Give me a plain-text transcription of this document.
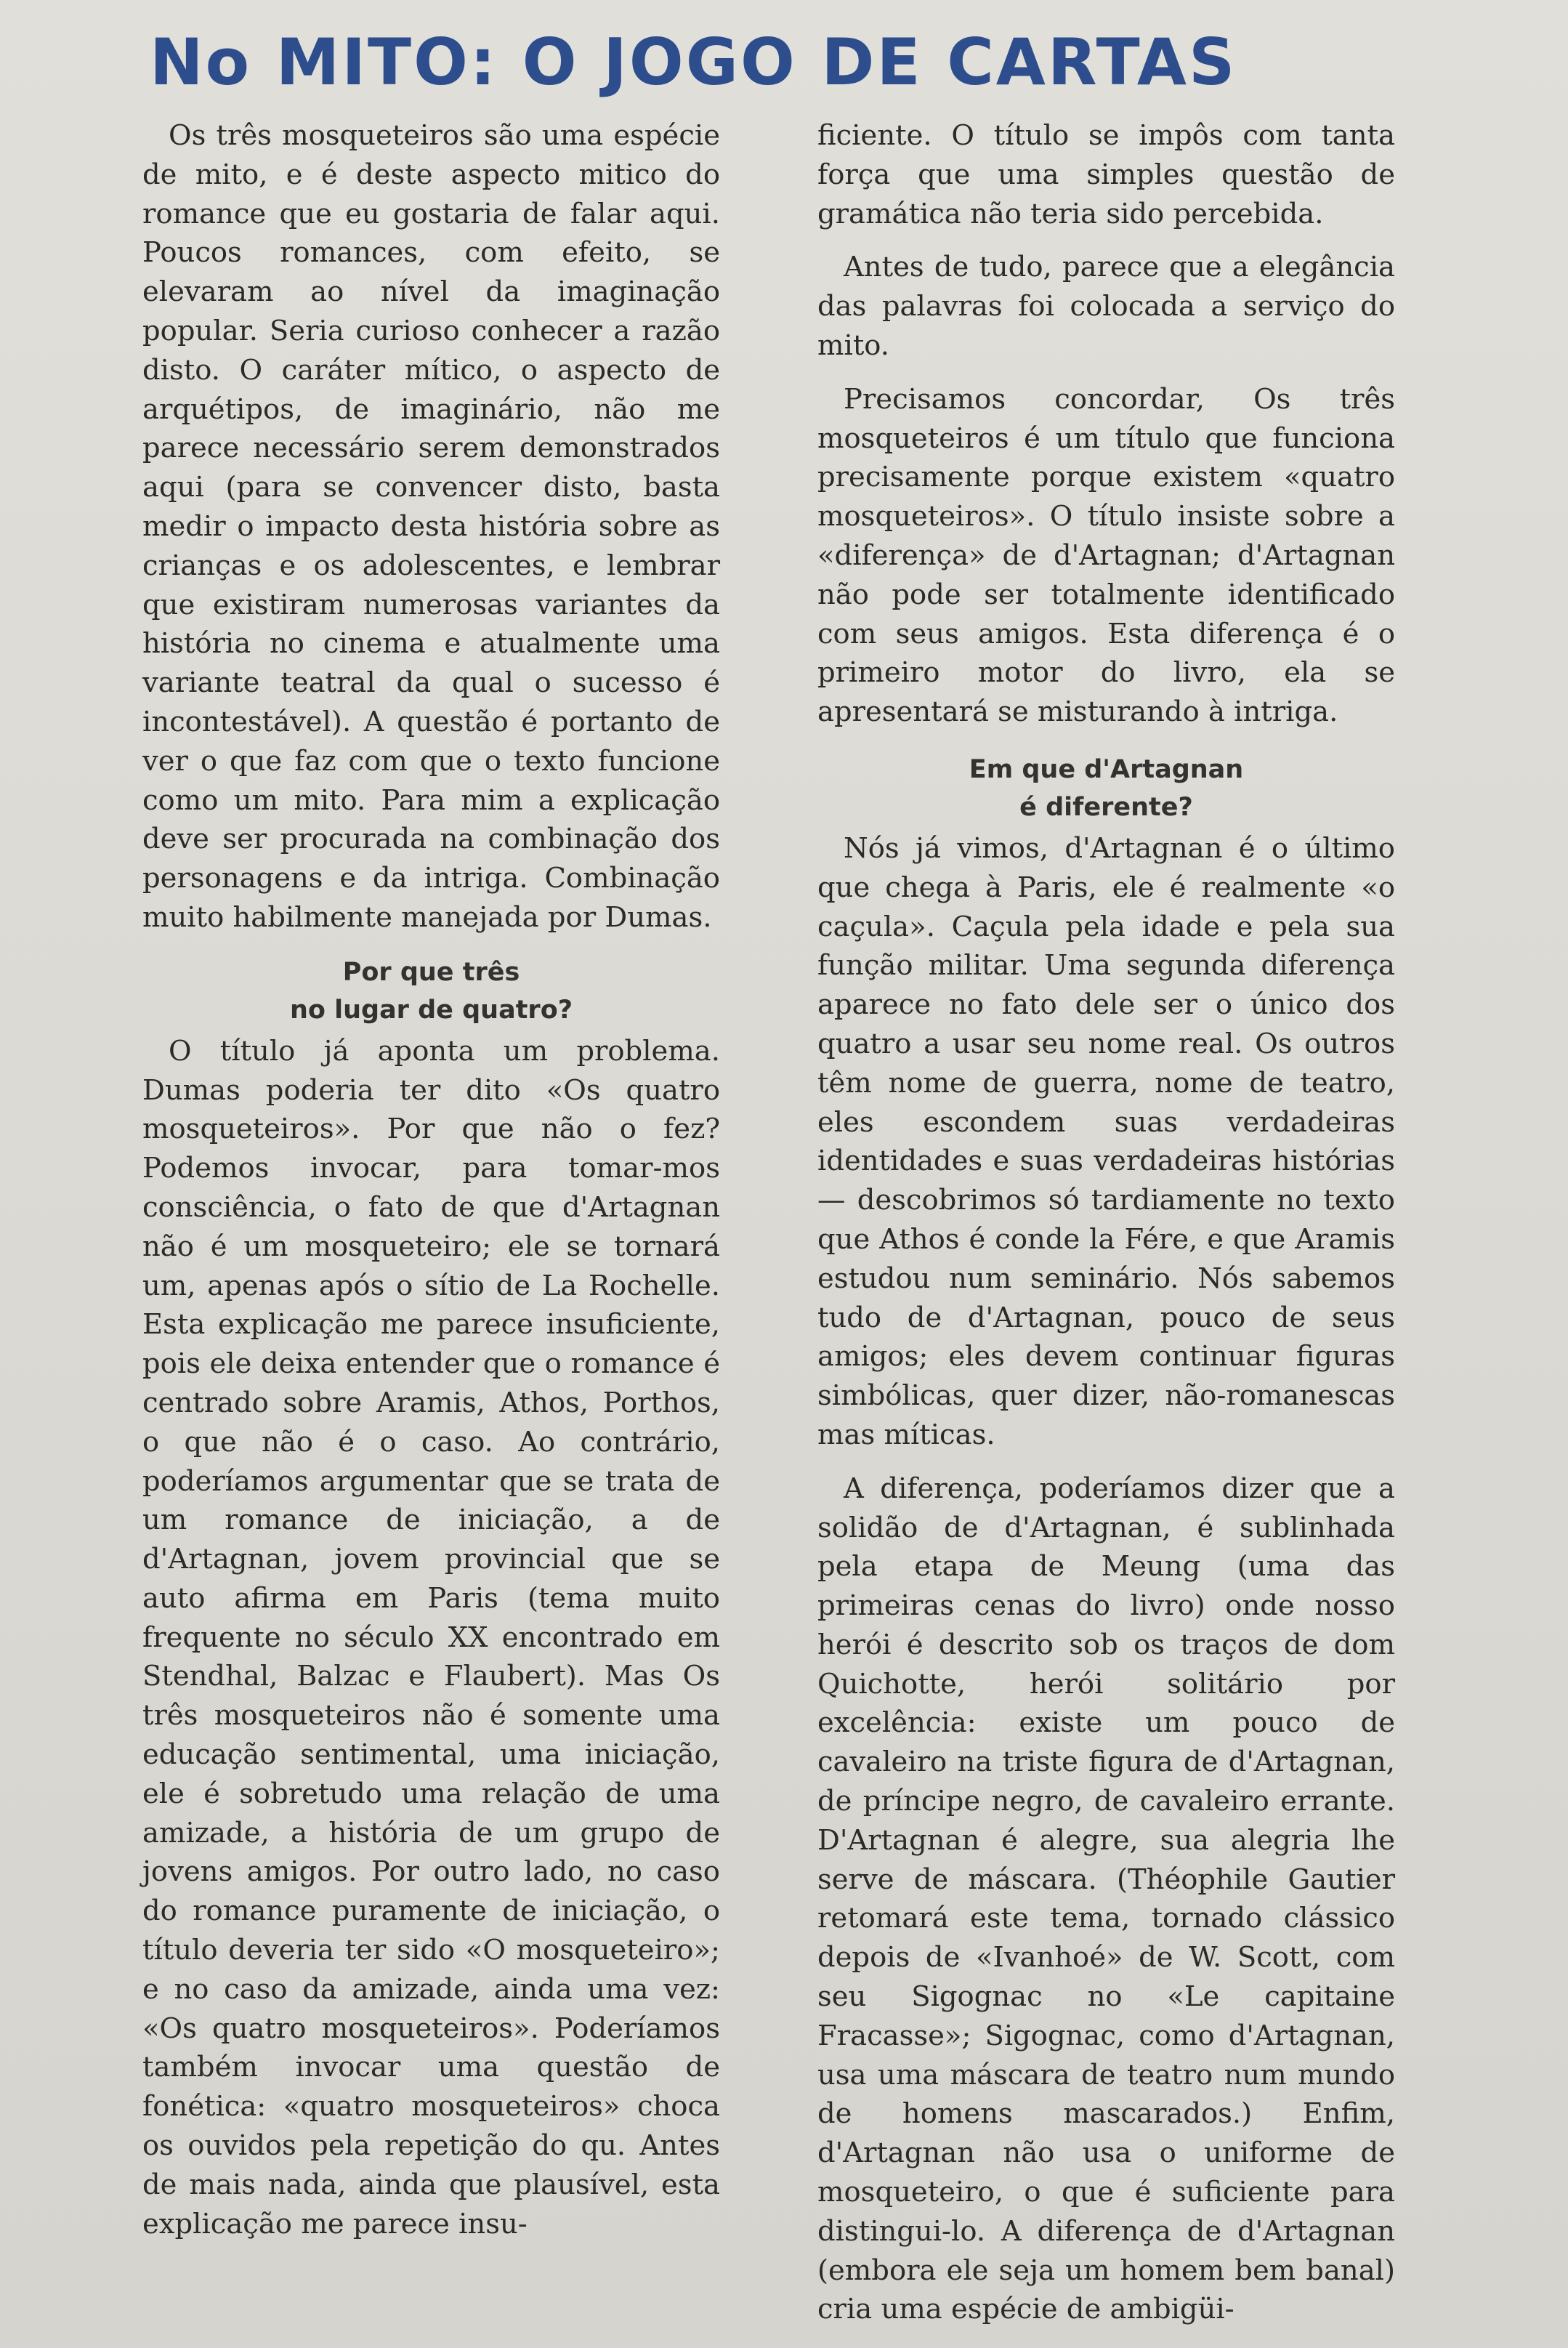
No MITO: O JOGO DE CARTAS

Os três mosqueteiros são uma espécie de mito, e é deste aspecto mitico do romance que eu gostaria de falar aqui. Poucos romances, com efeito, se elevaram ao nível da imaginação popular. Seria curioso conhecer a razão disto. O caráter mítico, o aspecto de arquétipos, de imaginário, não me parece necessário serem demonstrados aqui (para se convencer disto, basta medir o impacto desta história sobre as crianças e os adolescentes, e lembrar que existiram numerosas variantes da história no cinema e atualmente uma variante teatral da qual o sucesso é incontestável). A questão é portanto de ver o que faz com que o texto funcione como um mito. Para mim a explicação deve ser procurada na combinação dos personagens e da intriga. Combinação muito habilmente manejada por Dumas.

Por que três
no lugar de quatro?

O título já aponta um problema. Dumas poderia ter dito «Os quatro mosqueteiros». Por que não o fez? Podemos invocar, para tomar-mos consciência, o fato de que d'Artagnan não é um mosqueteiro; ele se tornará um, apenas após o sítio de La Rochelle. Esta explicação me parece insuficiente, pois ele deixa entender que o romance é centrado sobre Aramis, Athos, Porthos, o que não é o caso. Ao contrário, poderíamos argumentar que se trata de um romance de iniciação, a de d'Artagnan, jovem provincial que se auto afirma em Paris (tema muito frequente no século XX encontrado em Stendhal, Balzac e Flaubert). Mas Os três mosqueteiros não é somente uma educação sentimental, uma iniciação, ele é sobretudo uma relação de uma amizade, a história de um grupo de jovens amigos. Por outro lado, no caso do romance puramente de iniciação, o título deveria ter sido «O mosqueteiro»; e no caso da amizade, ainda uma vez: «Os quatro mosqueteiros». Poderíamos também invocar uma questão de fonética: «quatro mosqueteiros» choca os ouvidos pela repetição do qu. Antes de mais nada, ainda que plausível, esta explicação me parece insu-

ficiente. O título se impôs com tanta força que uma simples questão de gramática não teria sido percebida.

Antes de tudo, parece que a elegância das palavras foi colocada a serviço do mito.

Precisamos concordar, Os três mosqueteiros é um título que funciona precisamente porque existem «quatro mosqueteiros». O título insiste sobre a «diferença» de d'Artagnan; d'Artagnan não pode ser totalmente identificado com seus amigos. Esta diferença é o primeiro motor do livro, ela se apresentará se misturando à intriga.

Em que d'Artagnan
é diferente?

Nós já vimos, d'Artagnan é o último que chega à Paris, ele é realmente «o caçula». Caçula pela idade e pela sua função militar. Uma segunda diferença aparece no fato dele ser o único dos quatro a usar seu nome real. Os outros têm nome de guerra, nome de teatro, eles escondem suas verdadeiras identidades e suas verdadeiras histórias — descobrimos só tardiamente no texto que Athos é conde la Fére, e que Aramis estudou num seminário. Nós sabemos tudo de d'Artagnan, pouco de seus amigos; eles devem continuar figuras simbólicas, quer dizer, não-romanescas mas míticas.

A diferença, poderíamos dizer que a solidão de d'Artagnan, é sublinhada pela etapa de Meung (uma das primeiras cenas do livro) onde nosso herói é descrito sob os traços de dom Quichotte, herói solitário por excelência: existe um pouco de cavaleiro na triste figura de d'Artagnan, de príncipe negro, de cavaleiro errante. D'Artagnan é alegre, sua alegria lhe serve de máscara. (Théophile Gautier retomará este tema, tornado clássico depois de «Ivanhoé» de W. Scott, com seu Sigognac no «Le capitaine Fracasse»; Sigognac, como d'Artagnan, usa uma máscara de teatro num mundo de homens mascarados.) Enfim, d'Artagnan não usa o uniforme de mosqueteiro, o que é suficiente para distingui-lo. A diferença de d'Artagnan (embora ele seja um homem bem banal) cria uma espécie de ambigüi-
